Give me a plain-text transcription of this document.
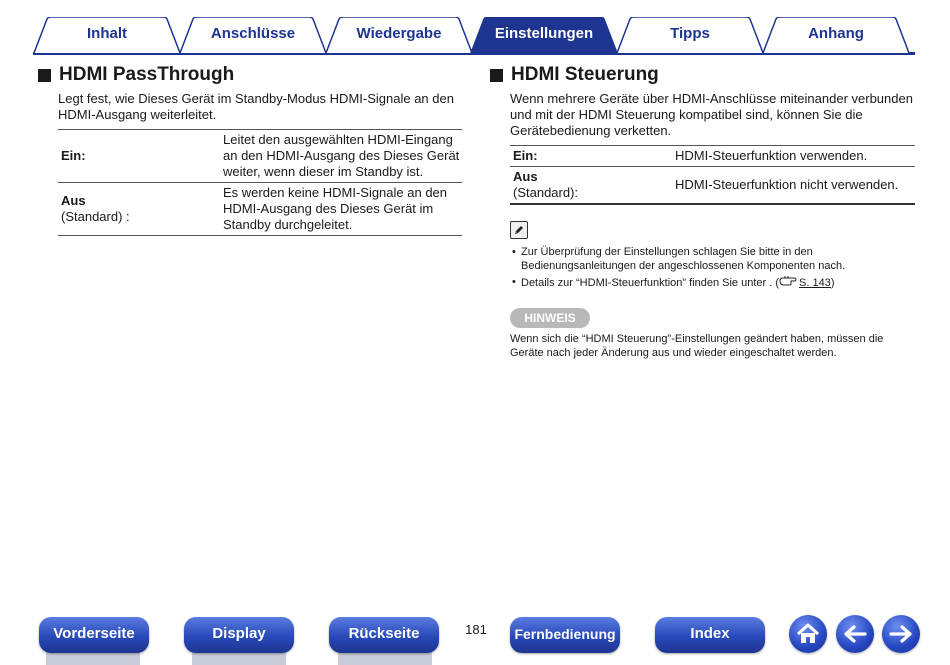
Inhalt	Anschlüsse	Wiedergabe	Einstellungen	Tipps	Anhang
HDMI PassThrough

Legt fest, wie Dieses Gerät im Standby-Modus HDMI-Signale an den HDMI-Ausgang weiterleitet.

Ein:	Leitet den ausgewählten HDMI-Eingang an den HDMI-Ausgang des Dieses Gerät weiter, wenn dieser im Standby ist.
Aus
(Standard) :	Es werden keine HDMI-Signale an den HDMI-Ausgang des Dieses Gerät im Standby durchgeleitet.
HDMI Steuerung

Wenn mehrere Geräte über HDMI-Anschlüsse miteinander verbunden und mit der HDMI Steuerung kompatibel sind, können Sie die Gerätebedienung verketten.

Ein:	HDMI-Steuerfunktion verwenden.
Aus
(Standard):	HDMI-Steuerfunktion nicht verwenden.
• Zur Überprüfung der Einstellungen schlagen Sie bitte in den Bedienungsanleitungen der angeschlossenen Komponenten nach.
• Details zur “HDMI-Steuerfunktion” finden Sie unter . ( S. 143 )
HINWEIS

Wenn sich die “HDMI Steuerung”-Einstellungen geändert haben, müssen die Geräte nach jeder Änderung aus und wieder eingeschaltet werden.

Vorderseite	Display	Rückseite	181	Fernbedienung	Index
